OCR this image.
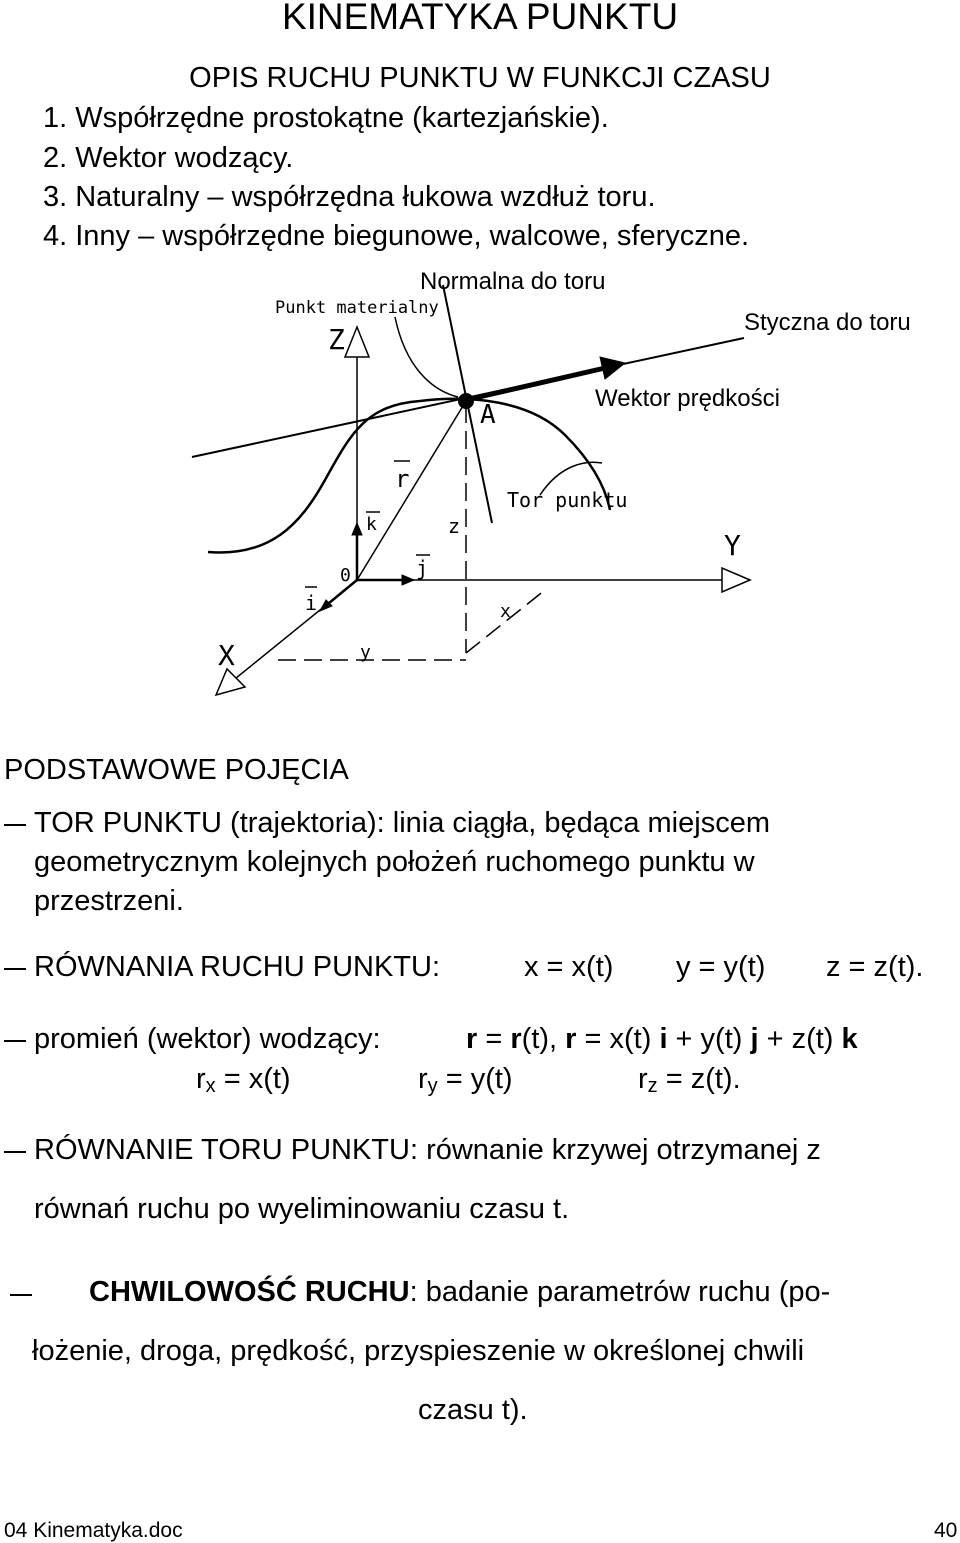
KINEMATYKA PUNKTU
OPIS RUCHU PUNKTU W FUNKCJI CZASU
1. Współrzędne prostokątne (kartezjańskie).
2. Wektor wodzący.
3. Naturalny – współrzędna łukowa wzdłuż toru.
4. Inny – współrzędne biegunowe, walcowe, sferyczne.
Normalna do toru
Styczna do toru
Wektor prędkości
Punkt materialny
Tor punktu
A
Z
Y
X
0
r
k
j
i
z
x
y
PODSTAWOWE POJĘCIA
TOR PUNKTU (trajektoria): linia ciągła, będąca miejscem
geometrycznym kolejnych położeń ruchomego punktu w
przestrzeni.
RÓWNANIA RUCHU PUNKTU:	x = x(t) y = y(t) z = z(t).
promień (wektor) wodzący:	r = r(t), r = x(t) i + y(t) j + z(t) k
$r_x = x(t)$	$r_y = y(t)$	$r_z = z(t)$.
RÓWNANIE TORU PUNKTU: równanie krzywej otrzymanej z
równań ruchu po wyeliminowaniu czasu t.
CHWILOWOŚĆ RUCHU: badanie parametrów ruchu (po-
łożenie, droga, prędkość, przyspieszenie w określonej chwili
czasu t).
04 Kinematyka.doc	40
